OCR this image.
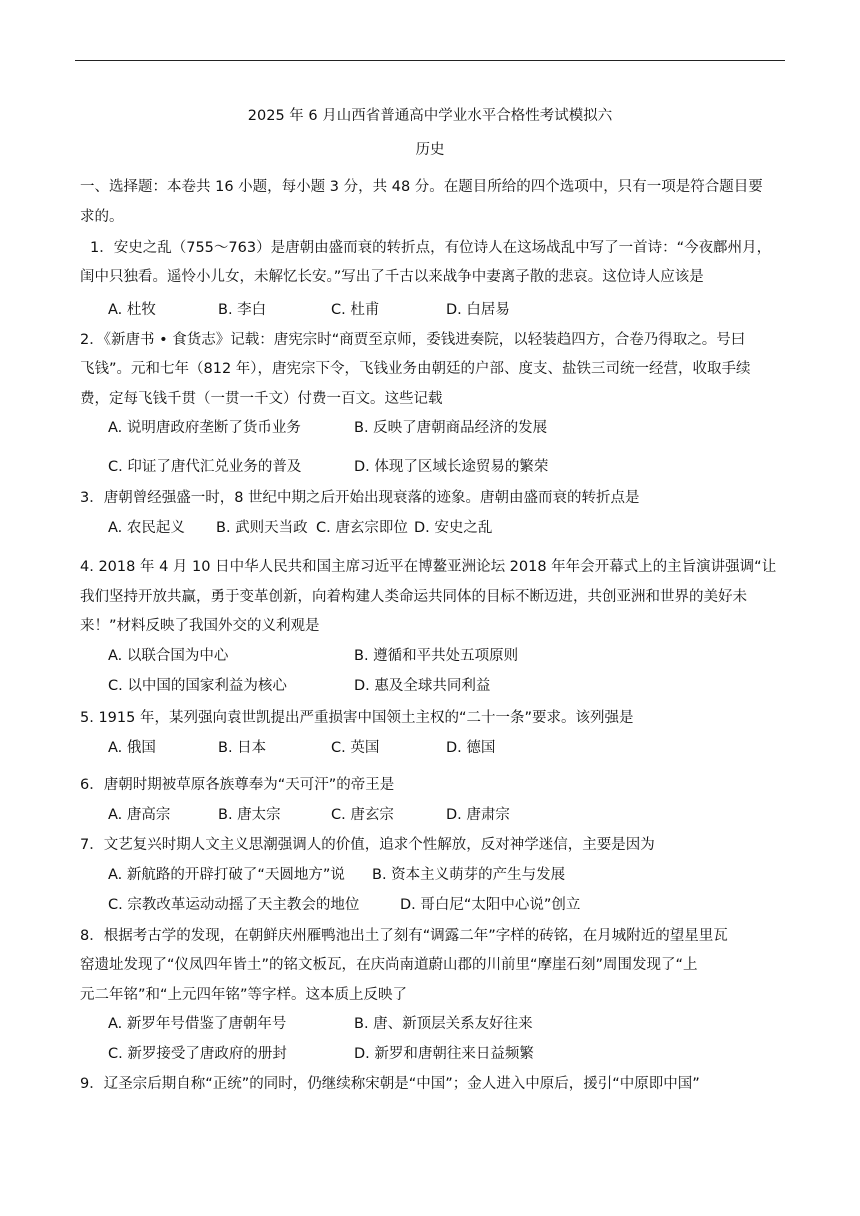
2025 年 6 月山西省普通高中学业水平合格性考试模拟六
历史
一、选择题：本卷共 16 小题，每小题 3 分，共 48 分。在题目所给的四个选项中，只有一项是符合题目要
求的。
1．安史之乱（755～763）是唐朝由盛而衰的转折点，有位诗人在这场战乱中写了一首诗：“今夜鄜州月，
闺中只独看。遥怜小儿女，未解忆长安。”写出了千古以来战争中妻离子散的悲哀。这位诗人应该是
A. 杜牧	B. 李白	C. 杜甫	D. 白居易
2．《新唐书 • 食货志》记载：唐宪宗时“商贾至京师，委钱进奏院，以轻装趋四方，合卷乃得取之。号曰
飞钱”。元和七年（812 年），唐宪宗下令，飞钱业务由朝廷的户部、度支、盐铁三司统一经营，收取手续
费，定每飞钱千贯（一贯一千文）付费一百文。这些记载
A. 说明唐政府垄断了货币业务	B. 反映了唐朝商品经济的发展
C. 印证了唐代汇兑业务的普及	D. 体现了区域长途贸易的繁荣
3．唐朝曾经强盛一时，8 世纪中期之后开始出现衰落的迹象。唐朝由盛而衰的转折点是
A. 农民起义 B. 武则天当政 C. 唐玄宗即位 D. 安史之乱
4. 2018 年 4 月 10 日中华人民共和国主席习近平在博鳌亚洲论坛 2018 年年会开幕式上的主旨演讲强调“让
我们坚持开放共赢，勇于变革创新，向着构建人类命运共同体的目标不断迈进，共创亚洲和世界的美好未
来！”材料反映了我国外交的义利观是
A. 以联合国为中心	B. 遵循和平共处五项原则
C. 以中国的国家利益为核心	D. 惠及全球共同利益
5. 1915 年，某列强向袁世凯提出严重损害中国领土主权的“二十一条”要求。该列强是
A. 俄国	B. 日本	C. 英国	D. 德国
6．唐朝时期被草原各族尊奉为“天可汗”的帝王是
A. 唐高宗	B. 唐太宗	C. 唐玄宗	D. 唐肃宗
7．文艺复兴时期人文主义思潮强调人的价值，追求个性解放，反对神学迷信，主要是因为
A. 新航路的开辟打破了“天圆地方”说 B. 资本主义萌芽的产生与发展
C. 宗教改革运动动摇了天主教会的地位	D. 哥白尼“太阳中心说”创立
8．根据考古学的发现，在朝鲜庆州雁鸭池出土了刻有“调露二年”字样的砖铭，在月城附近的望星里瓦
窑遗址发现了“仪凤四年皆土”的铭文板瓦，在庆尚南道蔚山郡的川前里“摩崖石刻”周围发现了“上
元二年铭”和“上元四年铭”等字样。这本质上反映了
A. 新罗年号借鉴了唐朝年号	B. 唐、新顶层关系友好往来
C. 新罗接受了唐政府的册封	D. 新罗和唐朝往来日益频繁
9．辽圣宗后期自称“正统”的同时，仍继续称宋朝是“中国”；金人进入中原后，援引“中原即中国”
